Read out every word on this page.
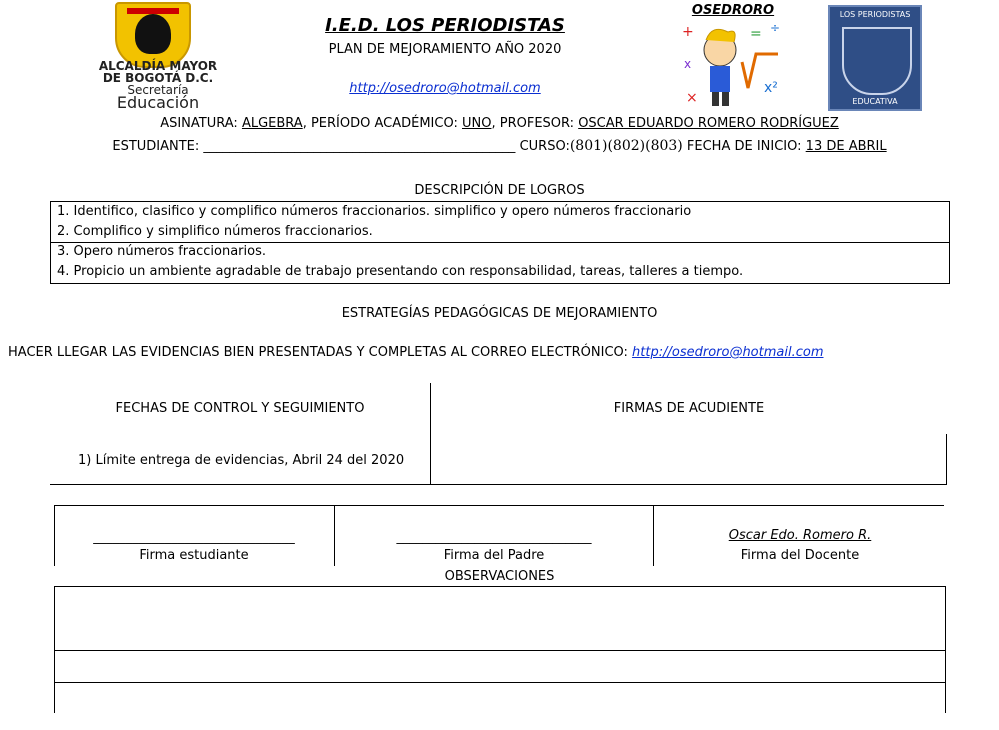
ALCALDÍA MAYOR
DE BOGOTÁ D.C.
Secretaría
Educación
I.E.D. LOS PERIODISTAS
PLAN DE MEJORAMIENTO AÑO 2020
http://osedroro@hotmail.com
OSEDRORO
+	=
x
x²
×
÷
LOS PERIODISTAS
EDUCATIVA
ASINATURA: ALGEBRA, PERÍODO ACADÉMICO: UNO, PROFESOR: OSCAR EDUARDO ROMERO RODRÍGUEZ
ESTUDIANTE: ________________________________________________ CURSO:(801)(802)(803) FECHA DE INICIO: 13 DE ABRIL
DESCRIPCIÓN DE LOGROS
1. Identifico, clasifico y complifico números fraccionarios. simplifico y opero números fraccionario
2. Complifico y simplifico números fraccionarios.
3. Opero números fraccionarios.
4. Propicio un ambiente agradable de trabajo presentando con responsabilidad, tareas, talleres a tiempo.
ESTRATEGÍAS PEDAGÓGICAS DE MEJORAMIENTO
HACER LLEGAR LAS EVIDENCIAS BIEN PRESENTADAS Y COMPLETAS AL CORREO ELECTRÓNICO: http://osedroro@hotmail.com
FECHAS DE CONTROL Y SEGUIMIENTO	FIRMAS DE ACUDIENTE
1) Límite entrega de evidencias, Abril 24 del 2020
_______________________________
Firma estudiante
______________________________
Firma del Padre
Oscar Edo. Romero R.
Firma del Docente
OBSERVACIONES
